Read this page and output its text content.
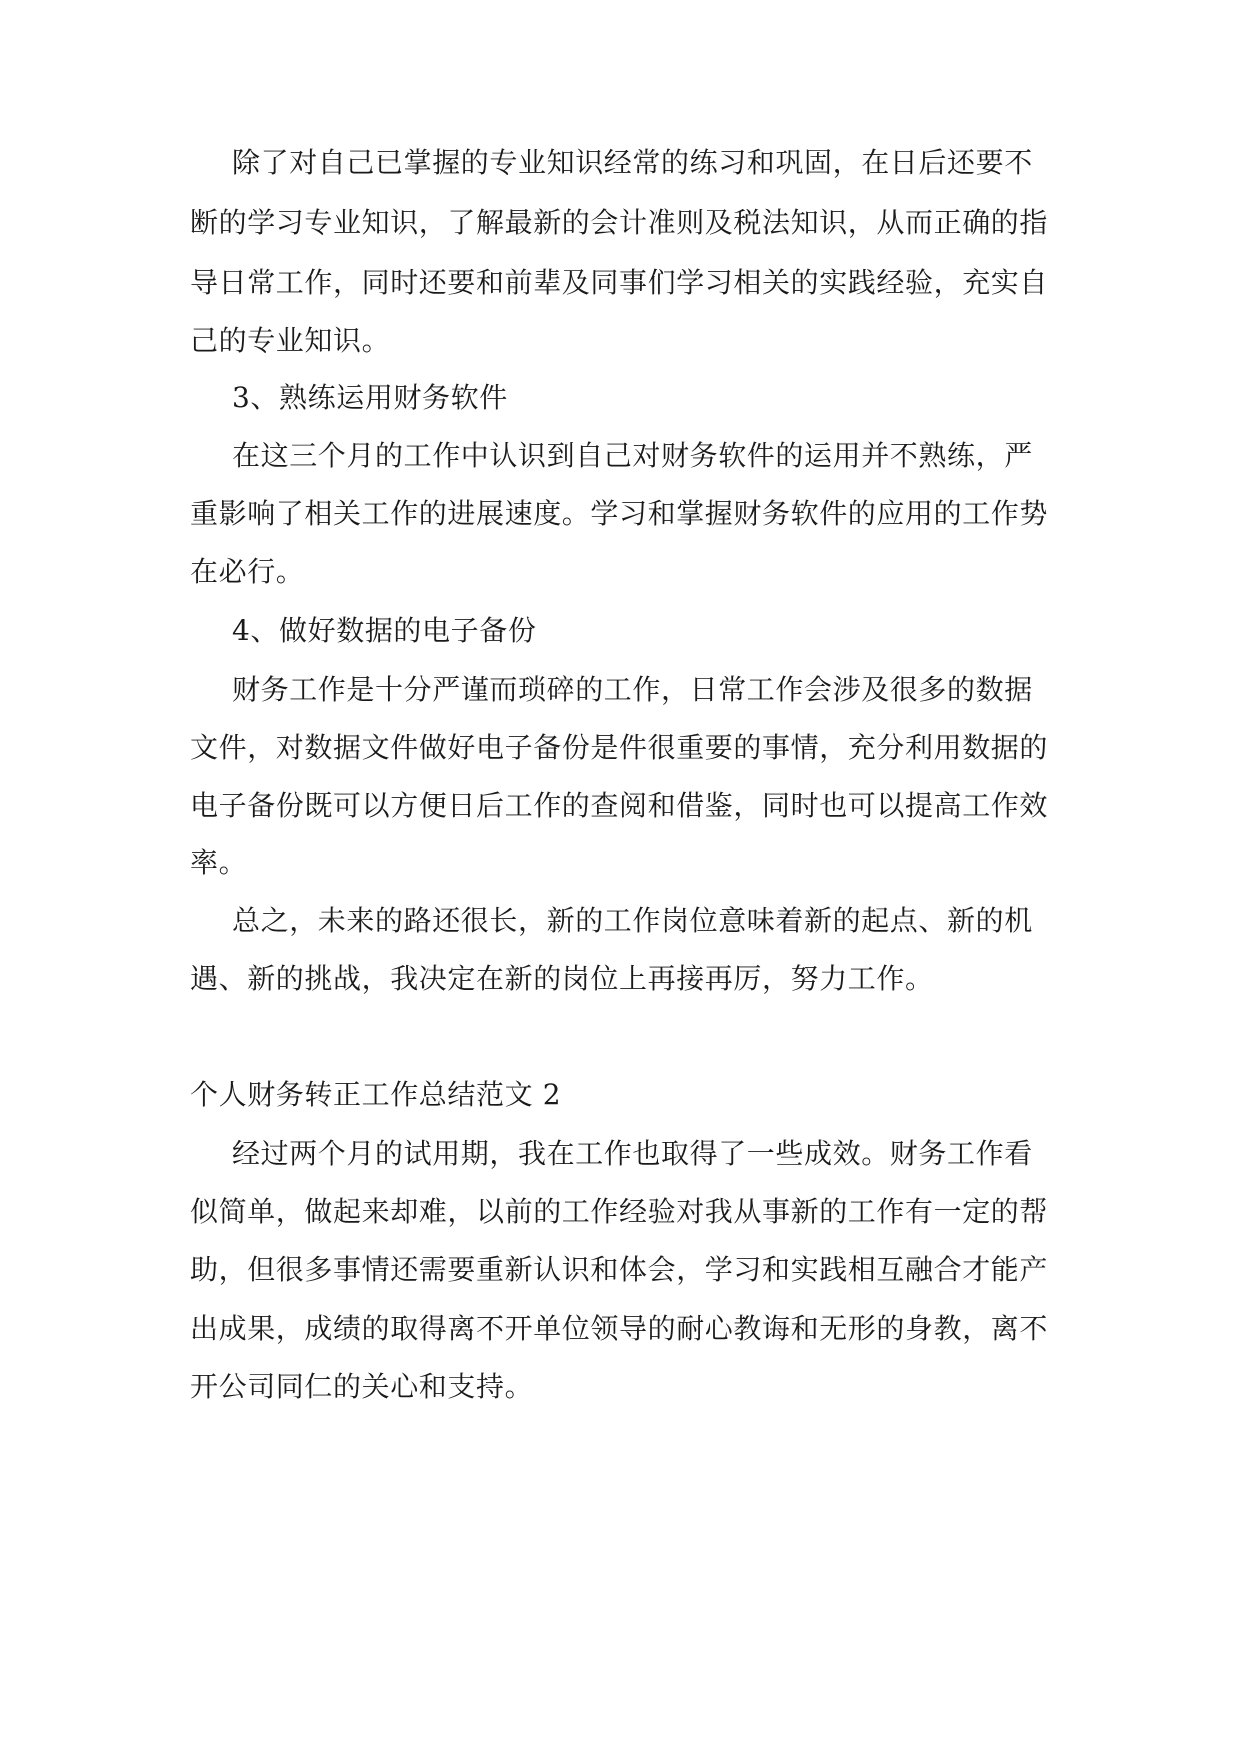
除了对自己已掌握的专业知识经常的练习和巩固，在日后还要不
断的学习专业知识，了解最新的会计准则及税法知识，从而正确的指
导日常工作，同时还要和前辈及同事们学习相关的实践经验，充实自
己的专业知识。
3、熟练运用财务软件
在这三个月的工作中认识到自己对财务软件的运用并不熟练，严
重影响了相关工作的进展速度。学习和掌握财务软件的应用的工作势
在必行。
4、做好数据的电子备份
财务工作是十分严谨而琐碎的工作，日常工作会涉及很多的数据
文件，对数据文件做好电子备份是件很重要的事情，充分利用数据的
电子备份既可以方便日后工作的查阅和借鉴，同时也可以提高工作效
率。
总之，未来的路还很长，新的工作岗位意味着新的起点、新的机
遇、新的挑战，我决定在新的岗位上再接再厉，努力工作。
个人财务转正工作总结范文 2
经过两个月的试用期，我在工作也取得了一些成效。财务工作看
似简单，做起来却难，以前的工作经验对我从事新的工作有一定的帮
助，但很多事情还需要重新认识和体会，学习和实践相互融合才能产
出成果，成绩的取得离不开单位领导的耐心教诲和无形的身教，离不
开公司同仁的关心和支持。
